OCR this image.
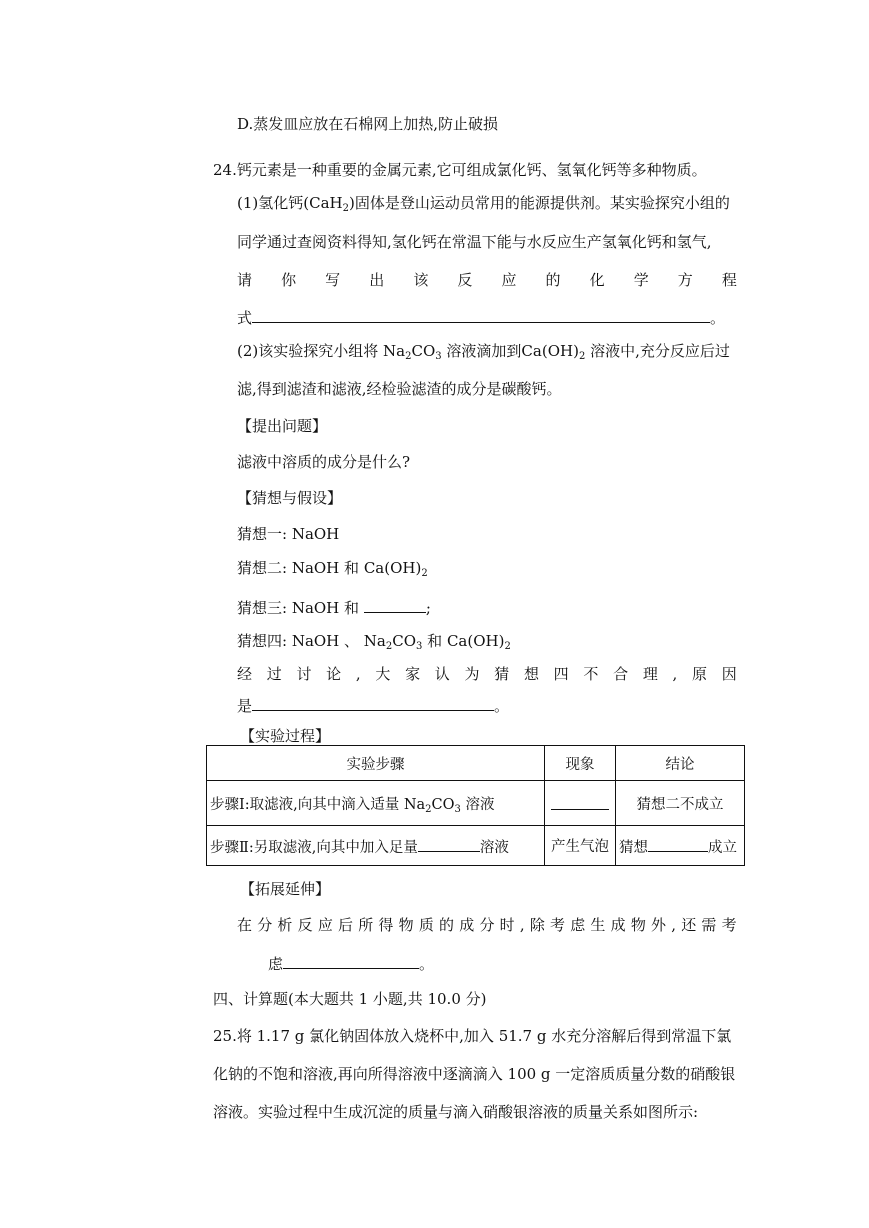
D.蒸发皿应放在石棉网上加热,防止破损
24.钙元素是一种重要的金属元素,它可组成氯化钙、氢氧化钙等多种物质。
(1)氢化钙(CaH$_2$)固体是登山运动员常用的能源提供剂。某实验探究小组的
同学通过查阅资料得知,氢化钙在常温下能与水反应生产氢氧化钙和氢气,
请 你 写 出 该 反 应 的 化 学 方 程
式	。
(2)该实验探究小组将 $Na_2CO_3$ 溶液滴加到$Ca(OH)_2$ 溶液中,充分反应后过
滤,得到滤渣和滤液,经检验滤渣的成分是碳酸钙。
【提出问题】
滤液中溶质的成分是什么?
【猜想与假设】
猜想一: NaOH
猜想二: NaOH 和 $Ca(OH)_2$
猜想三: NaOH 和	;
猜想四: NaOH 、 $Na_2CO_3$ 和 $Ca(OH)_2$
经 过 讨 论 , 大 家 认 为 猜 想 四 不 合 理 , 原 因
是	。
【实验过程】
实验步骤	现象	结论
步骤Ⅰ:取滤液,向其中滴入适量 $Na_2CO_3$ 溶液		猜想二不成立
步骤Ⅱ:另取滤液,向其中加入足量 溶液	产生气泡	猜想 成立
【拓展延伸】
在 分 析 反 应 后 所 得 物 质 的 成 分 时 , 除 考 虑 生 成 物 外 , 还 需 考
虑	。
四、计算题(本大题共 1 小题,共 10.0 分)
25.将 1.17 g 氯化钠固体放入烧杯中,加入 51.7 g 水充分溶解后得到常温下氯
化钠的不饱和溶液,再向所得溶液中逐滴滴入 100 g 一定溶质质量分数的硝酸银
溶液。实验过程中生成沉淀的质量与滴入硝酸银溶液的质量关系如图所示:
